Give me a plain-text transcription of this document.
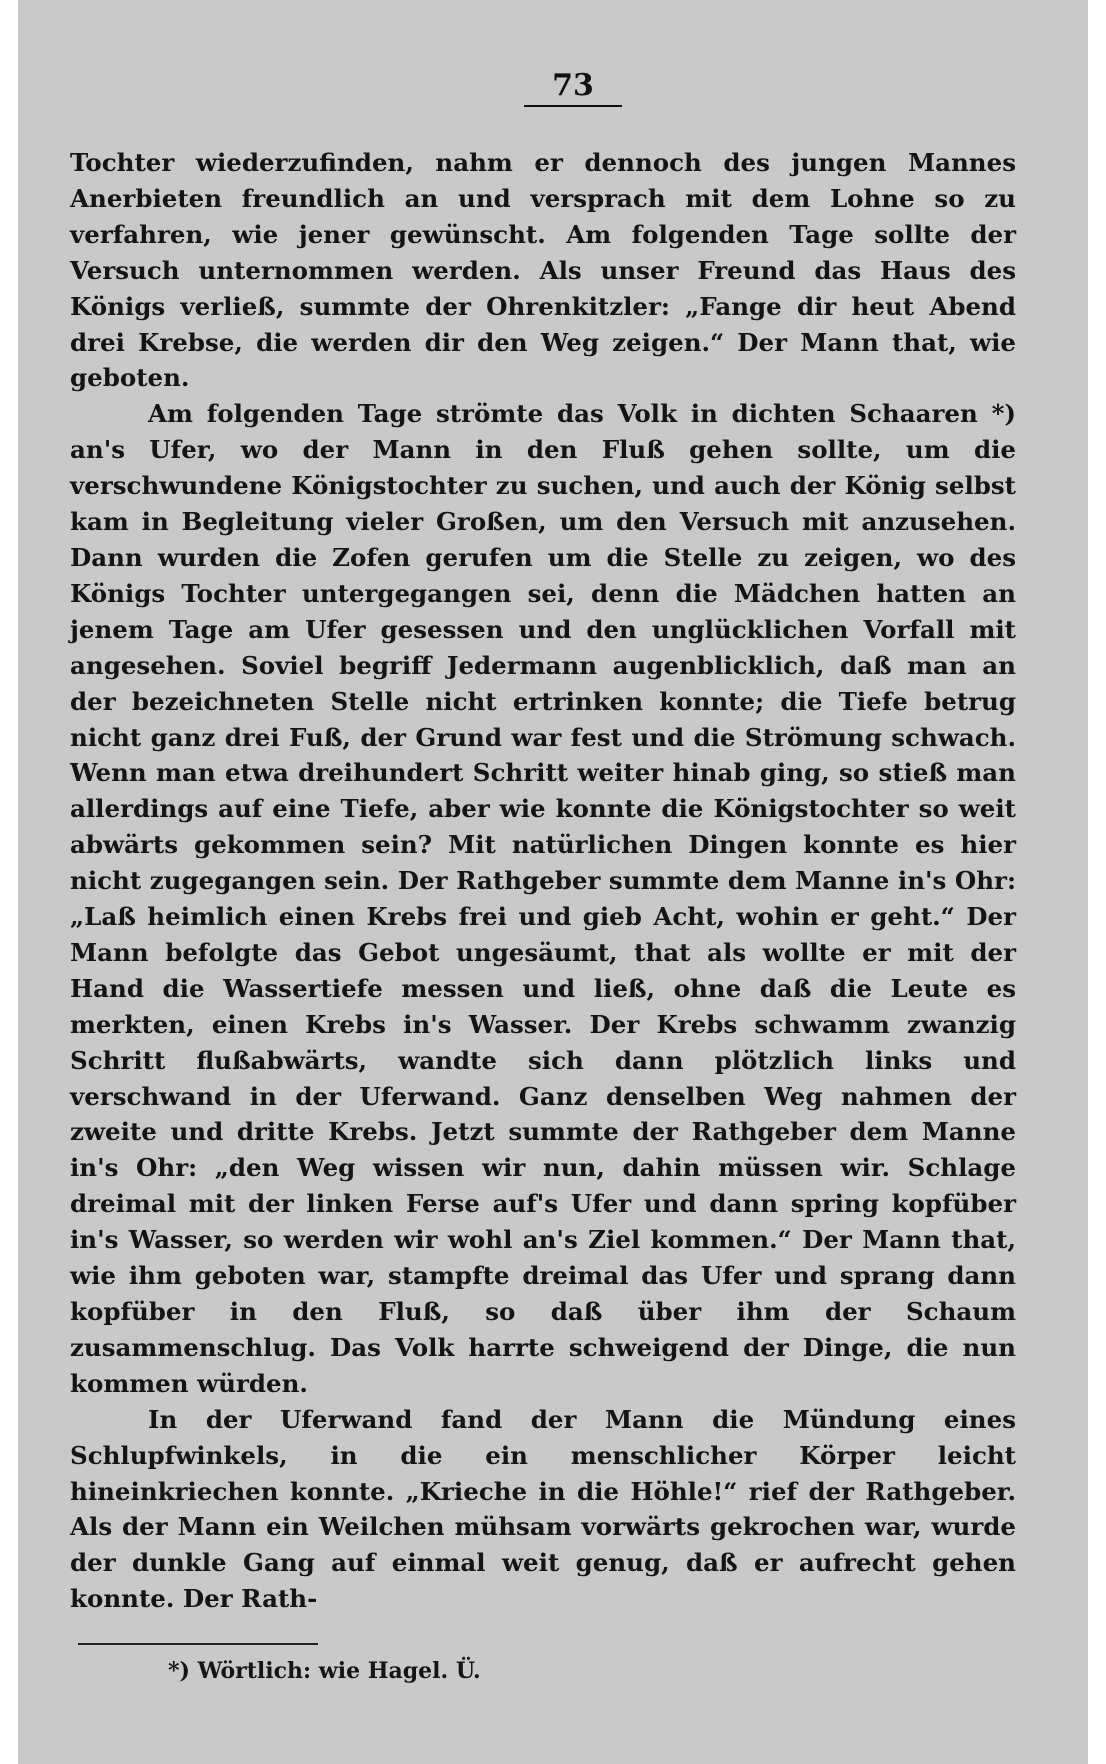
73

Tochter wiederzufinden, nahm er dennoch des jungen Mannes Anerbieten freundlich an und versprach mit dem Lohne so zu verfahren, wie jener gewünscht. Am folgenden Tage sollte der Versuch unternommen werden. Als unser Freund das Haus des Königs verließ, summte der Ohrenkitzler: „Fange dir heut Abend drei Krebse, die werden dir den Weg zeigen.“ Der Mann that, wie geboten.

Am folgenden Tage strömte das Volk in dichten Schaaren *) an's Ufer, wo der Mann in den Fluß gehen sollte, um die verschwundene Königstochter zu suchen, und auch der König selbst kam in Begleitung vieler Großen, um den Versuch mit anzusehen. Dann wurden die Zofen gerufen um die Stelle zu zeigen, wo des Königs Tochter untergegangen sei, denn die Mädchen hatten an jenem Tage am Ufer gesessen und den unglücklichen Vorfall mit angesehen. Soviel begriff Jedermann augenblicklich, daß man an der bezeichneten Stelle nicht ertrinken konnte; die Tiefe betrug nicht ganz drei Fuß, der Grund war fest und die Strömung schwach. Wenn man etwa dreihundert Schritt weiter hinab ging, so stieß man allerdings auf eine Tiefe, aber wie konnte die Königstochter so weit abwärts gekommen sein? Mit natürlichen Dingen konnte es hier nicht zugegangen sein. Der Rathgeber summte dem Manne in's Ohr: „Laß heimlich einen Krebs frei und gieb Acht, wohin er geht.“ Der Mann befolgte das Gebot ungesäumt, that als wollte er mit der Hand die Wassertiefe messen und ließ, ohne daß die Leute es merkten, einen Krebs in's Wasser. Der Krebs schwamm zwanzig Schritt flußabwärts, wandte sich dann plötzlich links und verschwand in der Uferwand. Ganz denselben Weg nahmen der zweite und dritte Krebs. Jetzt summte der Rathgeber dem Manne in's Ohr: „den Weg wissen wir nun, dahin müssen wir. Schlage dreimal mit der linken Ferse auf's Ufer und dann spring kopfüber in's Wasser, so werden wir wohl an's Ziel kommen.“ Der Mann that, wie ihm geboten war, stampfte dreimal das Ufer und sprang dann kopfüber in den Fluß, so daß über ihm der Schaum zusammenschlug. Das Volk harrte schweigend der Dinge, die nun kommen würden.

In der Uferwand fand der Mann die Mündung eines Schlupfwinkels, in die ein menschlicher Körper leicht hineinkriechen konnte. „Krieche in die Höhle!“ rief der Rathgeber. Als der Mann ein Weilchen mühsam vorwärts gekrochen war, wurde der dunkle Gang auf einmal weit genug, daß er aufrecht gehen konnte. Der Rath-

*) Wörtlich: wie Hagel. Ü.
